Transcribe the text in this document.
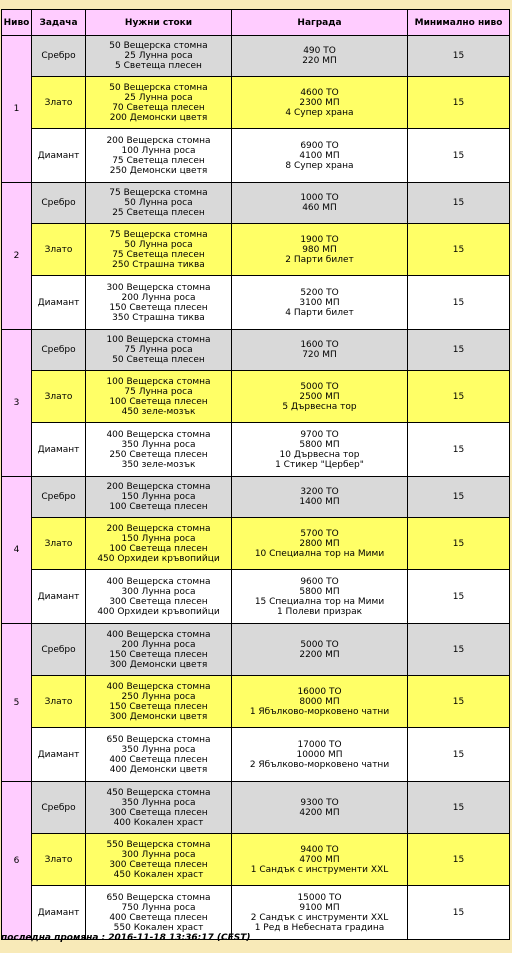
Ниво	Задача	Нужни стоки	Награда	Минимално ниво
1	Сребро	50 Вещерска стомна
25 Лунна роса
5 Светеща плесен	490 ТО
220 МП	15
	Злато	50 Вещерска стомна
25 Лунна роса
70 Светеща плесен
200 Демонски цветя	4600 ТО
2300 МП
4 Супер храна	15
	Диамант	200 Вещерска стомна
100 Лунна роса
75 Светеща плесен
250 Демонски цветя	6900 ТО
4100 МП
8 Супер храна	15
2	Сребро	75 Вещерска стомна
50 Лунна роса
25 Светеща плесен	1000 ТО
460 МП	15
	Злато	75 Вещерска стомна
50 Лунна роса
75 Светеща плесен
250 Страшна тиква	1900 ТО
980 МП
2 Парти билет	15
	Диамант	300 Вещерска стомна
200 Лунна роса
150 Светеща плесен
350 Страшна тиква	5200 ТО
3100 МП
4 Парти билет	15
3	Сребро	100 Вещерска стомна
75 Лунна роса
50 Светеща плесен	1600 ТО
720 МП	15
	Злато	100 Вещерска стомна
75 Лунна роса
100 Светеща плесен
450 зеле-мозък	5000 ТО
2500 МП
5 Дървесна тор	15
	Диамант	400 Вещерска стомна
350 Лунна роса
250 Светеща плесен
350 зеле-мозък	9700 ТО
5800 МП
10 Дървесна тор
1 Стикер "Цербер"	15
4	Сребро	200 Вещерска стомна
150 Лунна роса
100 Светеща плесен	3200 ТО
1400 МП	15
	Злато	200 Вещерска стомна
150 Лунна роса
100 Светеща плесен
450 Орхидеи кръвопийци	5700 ТО
2800 МП
10 Специална тор на Мими	15
	Диамант	400 Вещерска стомна
300 Лунна роса
300 Светеща плесен
400 Орхидеи кръвопийци	9600 ТО
5800 МП
15 Специална тор на Мими
1 Полеви призрак	15
5	Сребро	400 Вещерска стомна
200 Лунна роса
150 Светеща плесен
300 Демонски цветя	5000 ТО
2200 МП	15
	Злато	400 Вещерска стомна
250 Лунна роса
150 Светеща плесен
300 Демонски цветя	16000 ТО
8000 МП
1 Ябълково-морковено чатни	15
	Диамант	650 Вещерска стомна
350 Лунна роса
400 Светеща плесен
400 Демонски цветя	17000 ТО
10000 МП
2 Ябълково-морковено чатни	15
6	Сребро	450 Вещерска стомна
350 Лунна роса
300 Светеща плесен
400 Кокален храст	9300 ТО
4200 МП	15
	Злато	550 Вещерска стомна
300 Лунна роса
300 Светеща плесен
450 Кокален храст	9400 ТО
4700 МП
1 Сандък с инструменти XXL	15
	Диамант	650 Вещерска стомна
750 Лунна роса
400 Светеща плесен
550 Кокален храст	15000 ТО
9100 МП
2 Сандък с инструменти XXL
1 Ред в Небесната градина	15
последна промяна : 2016-11-18 13:36:17 (CEST)
